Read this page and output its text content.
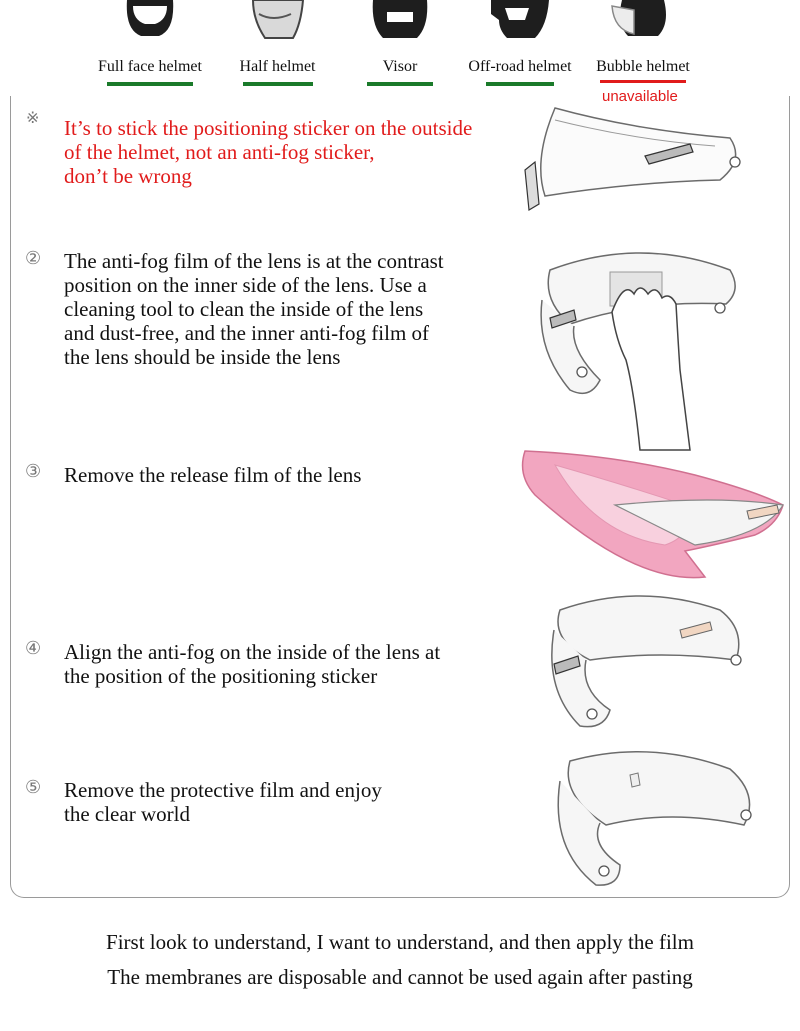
Full face helmet	Half helmet	Visor	Off-road helmet	Bubble helmet
unavailable
※ It’s to stick the positioning sticker on the outside
of the helmet, not an anti-fog sticker,
don’t be wrong
② The anti-fog film of the lens is at the contrast
position on the inner side of the lens. Use a
cleaning tool to clean the inside of the lens
and dust-free, and the inner anti-fog film of
the lens should be inside the lens
③ Remove the release film of the lens
④ Align the anti-fog on the inside of the lens at
the position of the positioning sticker
⑤ Remove the protective film and enjoy
the clear world
First look to understand, I want to understand, and then apply the film
The membranes are disposable and cannot be used again after pasting
